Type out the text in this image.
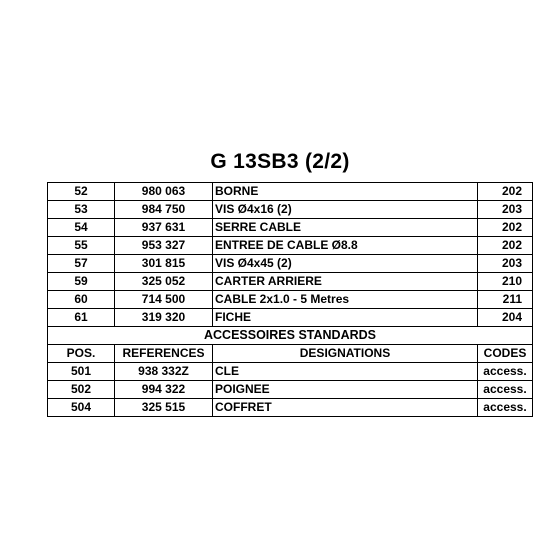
G 13SB3 (2/2)
52	980 063	BORNE	202
53	984 750	VIS Ø4x16 (2)	203
54	937 631	SERRE CABLE	202
55	953 327	ENTREE DE CABLE Ø8.8	202
57	301 815	VIS Ø4x45 (2)	203
59	325 052	CARTER ARRIERE	210
60	714 500	CABLE 2x1.0 - 5 Metres	211
61	319 320	FICHE	204
ACCESSOIRES STANDARDS			
POS.	REFERENCES	DESIGNATIONS	CODES
501	938 332Z	CLE	access.
502	994 322	POIGNEE	access.
504	325 515	COFFRET	access.
